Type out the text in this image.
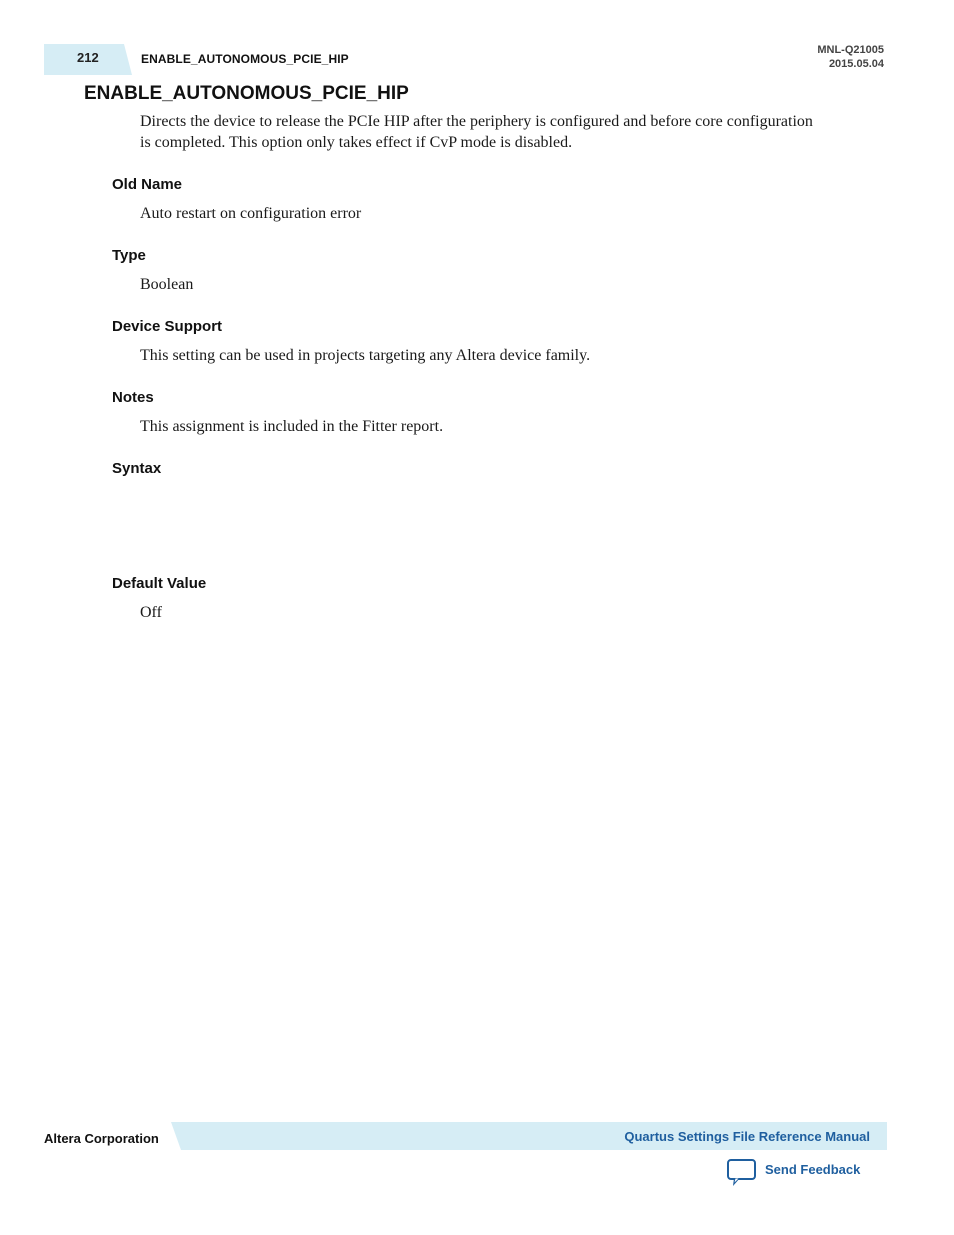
212	ENABLE_AUTONOMOUS_PCIE_HIP
MNL-Q21005
2015.05.04
ENABLE_AUTONOMOUS_PCIE_HIP
Directs the device to release the PCIe HIP after the periphery is configured and before core configuration
is completed. This option only takes effect if CvP mode is disabled.
Old Name
Auto restart on configuration error
Type
Boolean
Device Support
This setting can be used in projects targeting any Altera device family.
Notes
This assignment is included in the Fitter report.
Syntax
Default Value
Off
Altera Corporation	Quartus Settings File Reference Manual
Send Feedback
